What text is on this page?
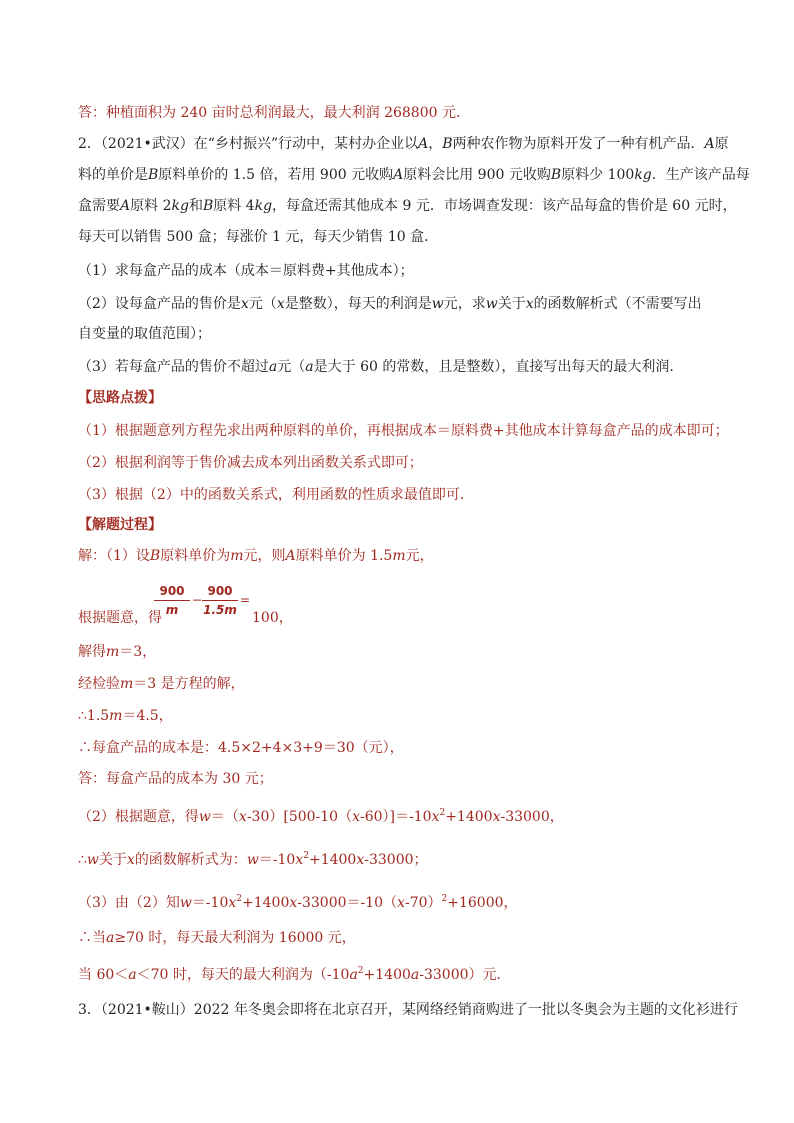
答：种植面积为 240 亩时总利润最大，最大利润 268800 元．
2．（2021•武汉）在“乡村振兴”行动中，某村办企业以A，B两种农作物为原料开发了一种有机产品．A原
料的单价是B原料单价的 1.5 倍，若用 900 元收购A原料会比用 900 元收购B原料少 100kg．生产该产品每
盒需要A原料 2kg和B原料 4kg，每盒还需其他成本 9 元．市场调查发现：该产品每盒的售价是 60 元时，
每天可以销售 500 盒；每涨价 1 元，每天少销售 10 盒．
（1）求每盒产品的成本（成本＝原料费+其他成本）；
（2）设每盒产品的售价是x元（x是整数），每天的利润是w元，求w关于x的函数解析式（不需要写出
自变量的取值范围）；
（3）若每盒产品的售价不超过a元（a是大于 60 的常数，且是整数），直接写出每天的最大利润．
【思路点拨】
（1）根据题意列方程先求出两种原料的单价，再根据成本＝原料费+其他成本计算每盒产品的成本即可；
（2）根据利润等于售价减去成本列出函数关系式即可；
（3）根据（2）中的函数关系式，利用函数的性质求最值即可．
【解题过程】
解：（1）设B原料单价为m元，则A原料单价为 1.5m元，
根据题意，得	100，
900
m
−
900
1.5m
=
解得m＝3，
经检验m＝3 是方程的解，
∴1.5m＝4.5，
∴每盒产品的成本是：4.5×2+4×3+9＝30（元），
答：每盒产品的成本为 30 元；
（2）根据题意，得$w=(x-30)[500-10(x-60)]=-10x^2+1400x-33000$，
∴w关于x的函数解析式为：$w=-10x^2+1400x-33000$；
（3）由（2）知$w=-10x^2+1400x-33000=-10(x-70)^2+16000$，
∴当a≥70 时，每天最大利润为 16000 元，
当 60＜a＜70 时，每天的最大利润为$(-10a^2+1400a-33000)$元．
3．（2021•鞍山）2022 年冬奥会即将在北京召开，某网络经销商购进了一批以冬奥会为主题的文化衫进行
